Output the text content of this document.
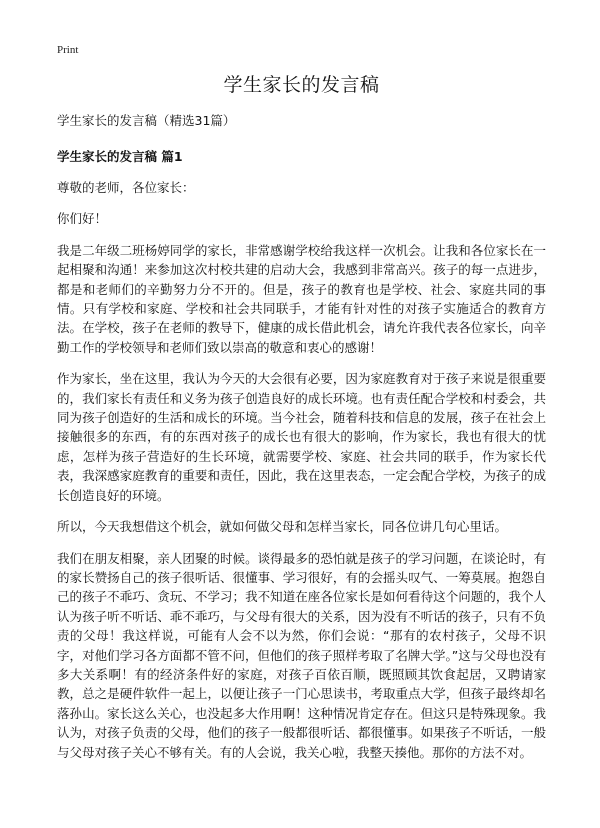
Print
学生家长的发言稿
学生家长的发言稿（精选31篇）
学生家长的发言稿 篇1

尊敬的老师，各位家长：

你们好！

我是二年级二班杨婷同学的家长，非常感谢学校给我这样一次机会。让我和各位家长在一起相聚和沟通！来参加这次村校共建的启动大会，我感到非常高兴。孩子的每一点进步，都是和老师们的辛勤努力分不开的。但是，孩子的教育也是学校、社会、家庭共同的事情。只有学校和家庭、学校和社会共同联手，才能有针对性的对孩子实施适合的教育方法。在学校，孩子在老师的教导下，健康的成长借此机会，请允许我代表各位家长，向辛勤工作的学校领导和老师们致以崇高的敬意和衷心的感谢！

作为家长，坐在这里，我认为今天的大会很有必要，因为家庭教育对于孩子来说是很重要的，我们家长有责任和义务为孩子创造良好的成长环境。也有责任配合学校和村委会，共同为孩子创造好的生活和成长的环境。当今社会，随着科技和信息的发展，孩子在社会上接触很多的东西，有的东西对孩子的成长也有很大的影响，作为家长，我也有很大的忧虑，怎样为孩子营造好的生长环境，就需要学校、家庭、社会共同的联手，作为家长代表，我深感家庭教育的重要和责任，因此，我在这里表态，一定会配合学校，为孩子的成长创造良好的环境。

所以，今天我想借这个机会，就如何做父母和怎样当家长，同各位讲几句心里话。

我们在朋友相聚，亲人团聚的时候。谈得最多的恐怕就是孩子的学习问题，在谈论时，有的家长赞扬自己的孩子很听话、很懂事、学习很好，有的会摇头叹气、一筹莫展。抱怨自己的孩子不乖巧、贪玩、不学习；我不知道在座各位家长是如何看待这个问题的，我个人认为孩子听不听话、乖不乖巧，与父母有很大的关系，因为没有不听话的孩子，只有不负责的父母！我这样说，可能有人会不以为然，你们会说：“那有的农村孩子，父母不识字，对他们学习各方面都不管不问，但他们的孩子照样考取了名牌大学。”这与父母也没有多大关系啊！有的经济条件好的家庭，对孩子百依百顺，既照顾其饮食起居，又聘请家教，总之是硬件软件一起上，以便让孩子一门心思读书，考取重点大学，但孩子最终却名落孙山。家长这么关心，也没起多大作用啊！这种情况肯定存在。但这只是特殊现象。我认为，对孩子负责的父母，他们的孩子一般都很听话、都很懂事。如果孩子不听话，一般与父母对孩子关心不够有关。有的人会说，我关心啦，我整天揍他。那你的方法不对。
